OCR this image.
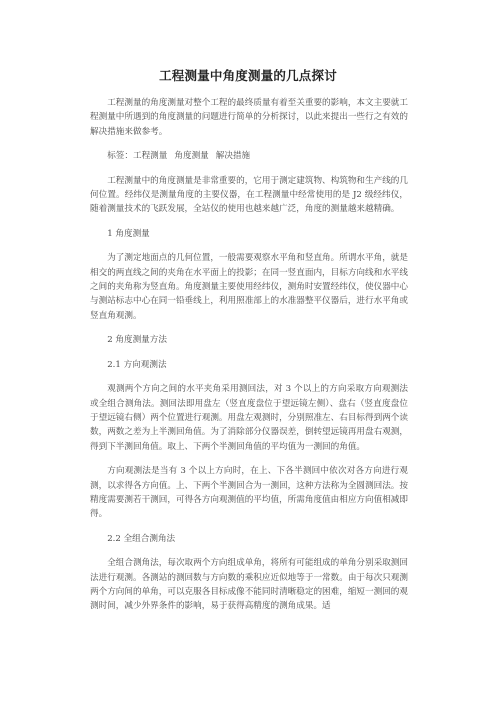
工程测量中角度测量的几点探讨

工程测量的角度测量对整个工程的最终质量有着至关重要的影响，本文主要就工程测量中所遇到的角度测量的问题进行简单的分析探讨，以此来提出一些行之有效的解决措施来做参考。

标签：工程测量 角度测量 解决措施

工程测量中的角度测量是非常重要的，它用于测定建筑物、构筑物和生产线的几何位置。经纬仪是测量角度的主要仪器，在工程测量中经常使用的是 J2 级经纬仪，随着测量技术的飞跃发展，全站仪的使用也越来越广泛，角度的测量越来越精确。

1 角度测量

为了测定地面点的几何位置，一般需要观察水平角和竖直角。所谓水平角，就是相交的两直线之间的夹角在水平面上的投影；在同一竖直面内，目标方向线和水平线之间的夹角称为竖直角。角度测量主要使用经纬仪，测角时安置经纬仪，使仪器中心与测站标志中心在同一铅垂线上，利用照准部上的水准器整平仪器后，进行水平角或竖直角观测。

2 角度测量方法

2.1 方向观测法

观测两个方向之间的水平夹角采用测回法，对 3 个以上的方向采取方向观测法或全组合测角法。测回法即用盘左（竖直度盘位于望远镜左侧）、盘右（竖直度盘位于望远镜右侧）两个位置进行观测。用盘左观测时，分别照准左、右目标得到两个读数，两数之差为上半测回角值。为了消除部分仪器误差，倒转望远镜再用盘右观测，得到下半测回角值。取上、下两个半测回角值的平均值为一测回的角值。

方向观测法是当有 3 个以上方向时，在上、下各半测回中依次对各方向进行观测，以求得各方向值。上、下两个半测回合为一测回，这种方法称为全圆测回法。按精度需要测若干测回，可得各方向观测值的平均值，所需角度值由相应方向值相减即得。

2.2 全组合测角法

全组合测角法，每次取两个方向组成单角，将所有可能组成的单角分别采取测回法进行观测。各测站的测回数与方向数的乘积应近似地等于一常数。由于每次只观测两个方向间的单角，可以克服各目标成像不能同时清晰稳定的困难，缩短一测回的观测时间，减少外界条件的影响，易于获得高精度的测角成果。适
